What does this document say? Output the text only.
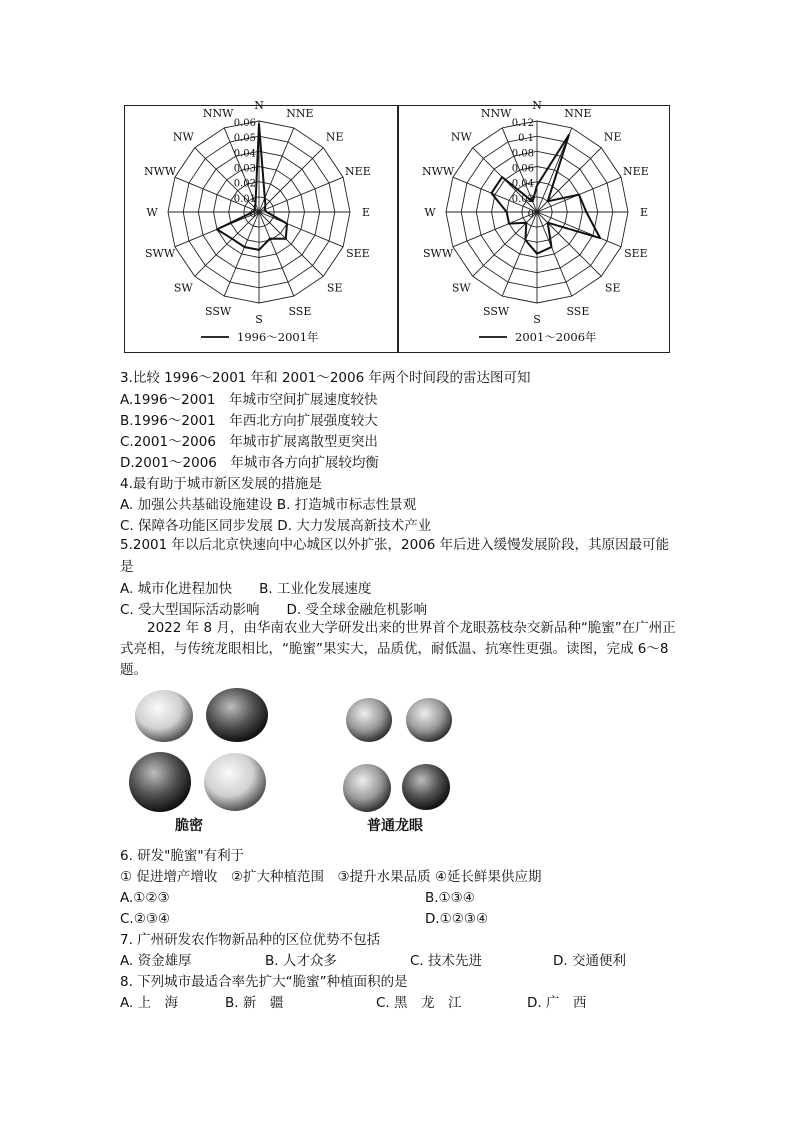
N
NNE
NE
NEE
E
SEE
SE
SSE
S
SSW
SW
SWW
W
NWW
NW
NNW
0.06
0.05
0.04
0.03
0.02
0.01
0
1996～2001年
N
NNE
NE
NEE
E
SEE
SE
SSE
S
SSW
SW
SWW
W
NWW
NW
NNW
0.12
0.1
0.08
0.06
0.04
0.02
0
2001～2006年
3.比较 1996～2001 年和 2001～2006 年两个时间段的雷达图可知
A.1996～2001　年城市空间扩展速度较快
B.1996～2001　年西北方向扩展强度较大
C.2001～2006　年城市扩展离散型更突出
D.2001～2006　年城市各方向扩展较均衡
4.最有助于城市新区发展的措施是
A. 加强公共基础设施建设 B. 打造城市标志性景观
C. 保障各功能区同步发展 D. 大力发展高新技术产业
5.2001 年以后北京快速向中心城区以外扩张，2006 年后进入缓慢发展阶段，其原因最可能是
A. 城市化进程加快　　B. 工业化发展速度
C. 受大型国际活动影响　　D. 受全球金融危机影响
2022 年 8 月，由华南农业大学研发出来的世界首个龙眼荔枝杂交新品种“脆蜜”在广州正式亮相，与传统龙眼相比，“脆蜜”果实大，品质优，耐低温、抗寒性更强。读图，完成 6～8 题。
脆密	普通龙眼
6. 研发"脆蜜"有利于
① 促进增产增收　②扩大种植范围　③提升水果品质 ④延长鲜果供应期
A.①②③	B.①③④
C.②③④	D.①②③④
7. 广州研发农作物新品种的区位优势不包括
A. 资金雄厚	B. 人才众多	C. 技术先进	D. 交通便利
8. 下列城市最适合率先扩大“脆蜜”种植面积的是
A. 上　海	B. 新　疆	C. 黑　龙　江	D. 广　西
